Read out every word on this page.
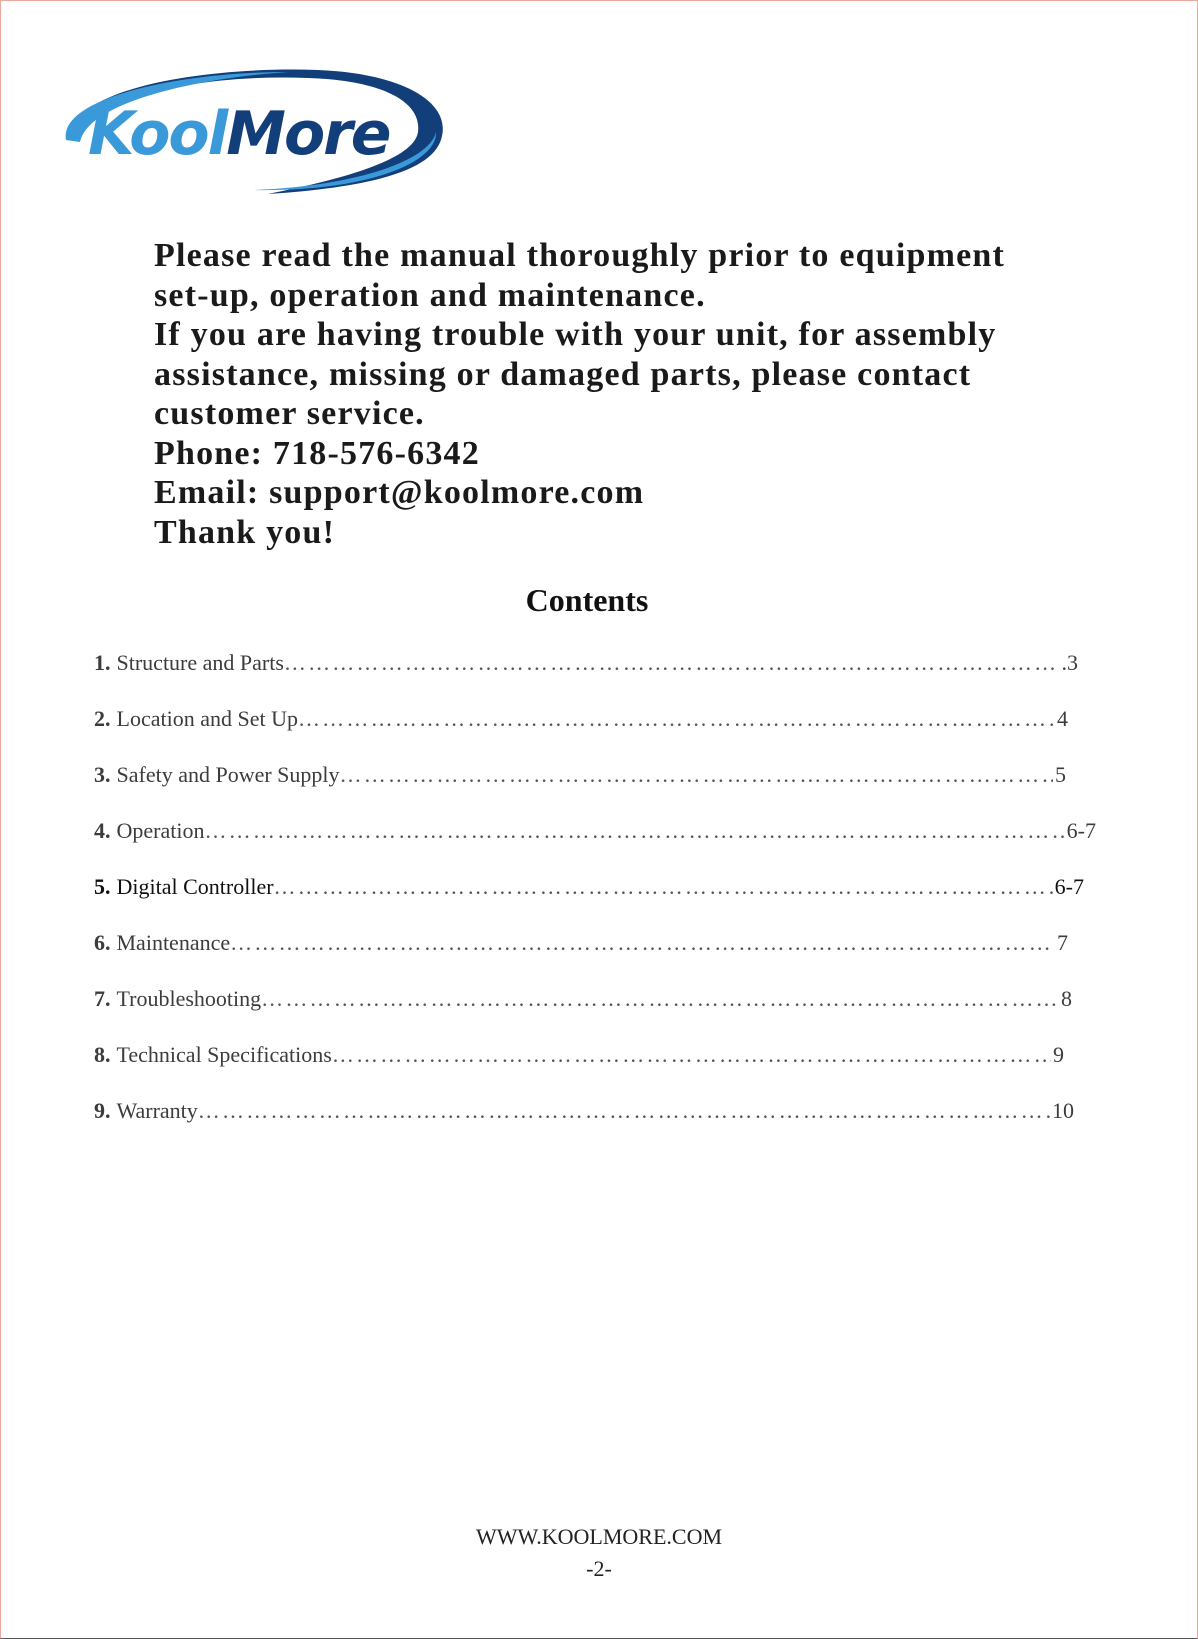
KoolMore
Please read the manual thoroughly prior to equipment
set-up, operation and maintenance.
If you are having trouble with your unit, for assembly
assistance, missing or damaged parts, please contact
customer service.
Phone: 718-576-6342
Email: support@koolmore.com
Thank you!
Contents
1. Structure and Parts ………………………………………………………………………………………………………………………………………………………	.3
2. Location and Set Up ………………………………………………………………………………………………………………………………………………………	4
3. Safety and Power Supply ………………………………………………………………………………………………………………………………………………………	5
4. Operation ………………………………………………………………………………………………………………………………………………………	6-7
5. Digital Controller ………………………………………………………………………………………………………………………………………………………	6-7
6. Maintenance ………………………………………………………………………………………………………………………………………………………	7
7. Troubleshooting ………………………………………………………………………………………………………………………………………………………	8
8. Technical Specifications ………………………………………………………………………………………………………………………………………………………	9
9. Warranty ………………………………………………………………………………………………………………………………………………………	10
WWW.KOOLMORE.COM
-2-
